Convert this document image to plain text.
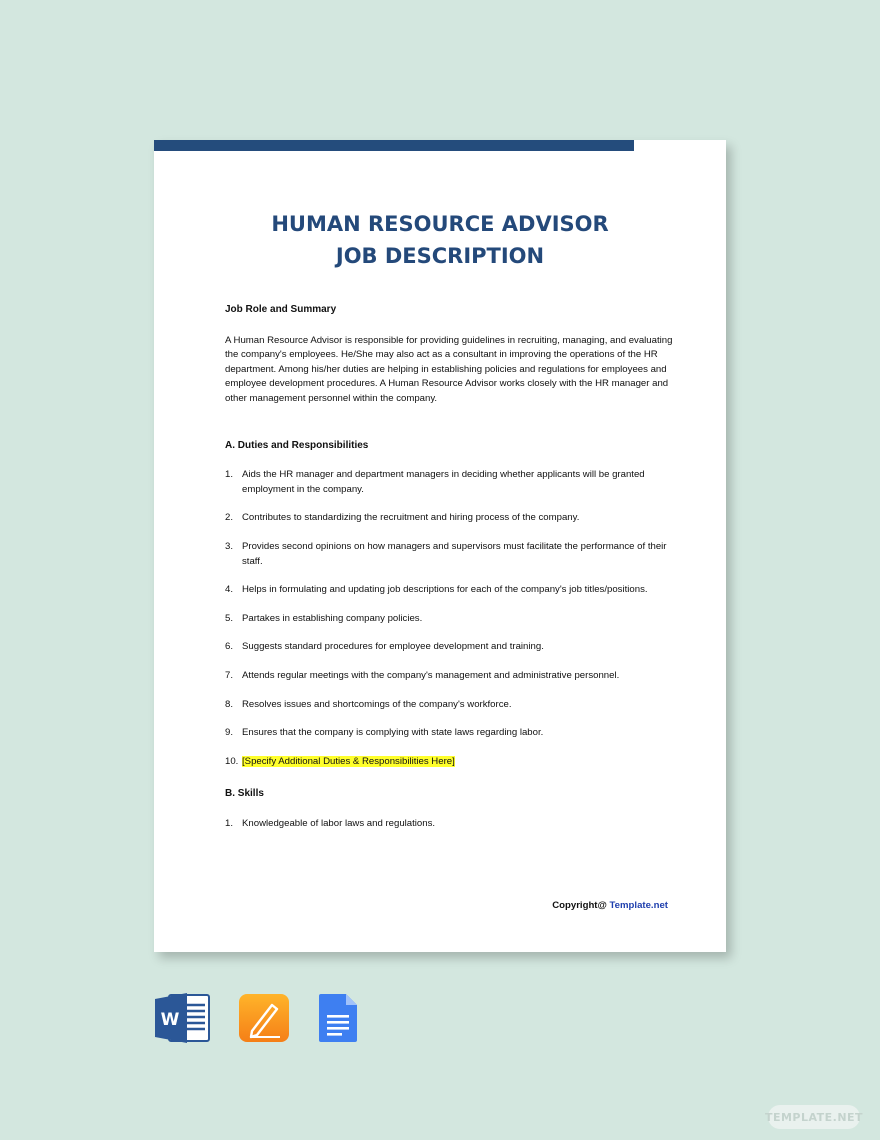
HUMAN RESOURCE ADVISOR
JOB DESCRIPTION
Job Role and Summary
A Human Resource Advisor is responsible for providing guidelines in recruiting, managing, and evaluating the company's employees. He/She may also act as a consultant in improving the operations of the HR department. Among his/her duties are helping in establishing policies and regulations for employees and employee development procedures. A Human Resource Advisor works closely with the HR manager and other management personnel within the company.
A. Duties and Responsibilities
1. Aids the HR manager and department managers in deciding whether applicants will be granted employment in the company.
2. Contributes to standardizing the recruitment and hiring process of the company.
3. Provides second opinions on how managers and supervisors must facilitate the performance of their staff.
4. Helps in formulating and updating job descriptions for each of the company's job titles/positions.
5. Partakes in establishing company policies.
6. Suggests standard procedures for employee development and training.
7. Attends regular meetings with the company's management and administrative personnel.
8. Resolves issues and shortcomings of the company's workforce.
9. Ensures that the company is complying with state laws regarding labor.
10. [Specify Additional Duties & Responsibilities Here]
B. Skills
1. Knowledgeable of labor laws and regulations.
Copyright@ Template.net
W
TEMPLATE.NET
